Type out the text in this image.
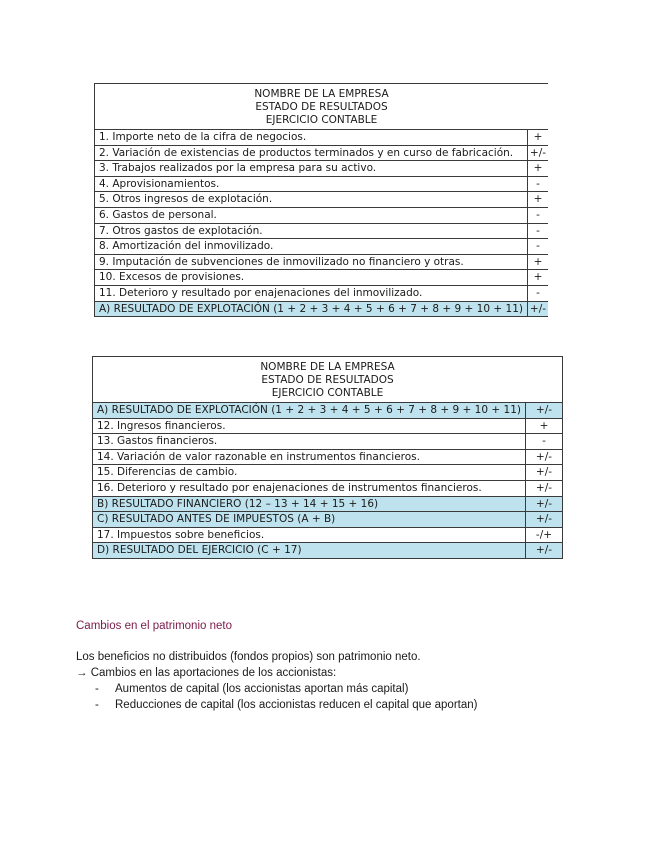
NOMBRE DE LA EMPRESA
ESTADO DE RESULTADOS
EJERCICIO CONTABLE	

1. Importe neto de la cifra de negocios.	+
2. Variación de existencias de productos terminados y en curso de fabricación.	+/-
3. Trabajos realizados por la empresa para su activo.	+
4. Aprovisionamientos.	-
5. Otros ingresos de explotación.	+
6. Gastos de personal.	-
7. Otros gastos de explotación.	-
8. Amortización del inmovilizado.	-
9. Imputación de subvenciones de inmovilizado no financiero y otras.	+
10. Excesos de provisiones.	+
11. Deterioro y resultado por enajenaciones del inmovilizado.	-
A) RESULTADO DE EXPLOTACIÓN (1 + 2 + 3 + 4 + 5 + 6 + 7 + 8 + 9 + 10 + 11)	+/-
NOMBRE DE LA EMPRESA
ESTADO DE RESULTADOS
EJERCICIO CONTABLE	

A) RESULTADO DE EXPLOTACIÓN (1 + 2 + 3 + 4 + 5 + 6 + 7 + 8 + 9 + 10 + 11)	+/-
12. Ingresos financieros.	+
13. Gastos financieros.	-
14. Variación de valor razonable en instrumentos financieros.	+/-
15. Diferencias de cambio.	+/-
16. Deterioro y resultado por enajenaciones de instrumentos financieros.	+/-
B) RESULTADO FINANCIERO (12 – 13 + 14 + 15 + 16)	+/-
C) RESULTADO ANTES DE IMPUESTOS (A + B)	+/-
17. Impuestos sobre beneficios.	-/+
D) RESULTADO DEL EJERCICIO (C + 17)	+/-
Cambios en el patrimonio neto
Los beneficios no distribuidos (fondos propios) son patrimonio neto.
→ Cambios en las aportaciones de los accionistas:
- Aumentos de capital (los accionistas aportan más capital)
- Reducciones de capital (los accionistas reducen el capital que aportan)
